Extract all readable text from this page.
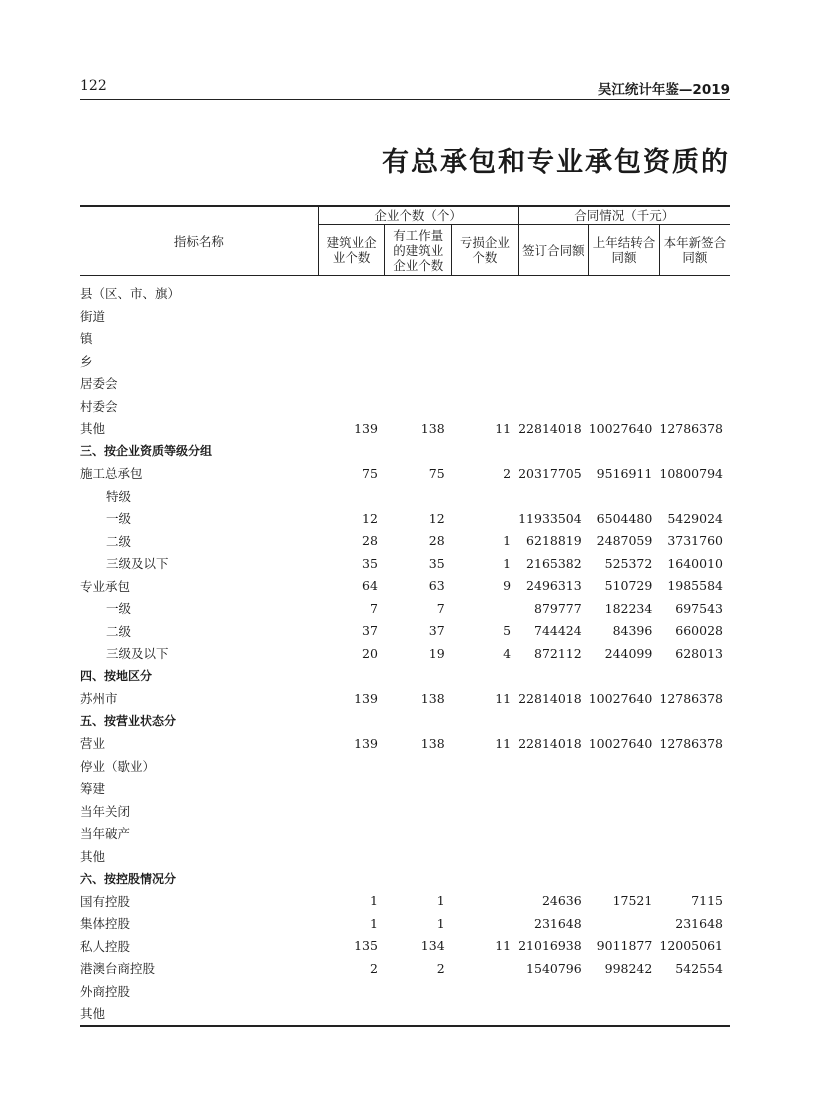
122	吴江统计年鉴—2019
有总承包和专业承包资质的
指标名称	企业个数（个）			合同情况（千元）		
	建筑业企业个数	有工作量的建筑业企业个数	亏损企业个数	签订合同额	上年结转合同额	本年新签合同额
县（区、市、旗）						
街道						
镇						
乡						
居委会						
村委会						
其他	139	138	11	22814018	10027640	12786378
三、按企业资质等级分组						
施工总承包	75	75	2	20317705	9516911	10800794
特级						
一级	12	12		11933504	6504480	5429024
二级	28	28	1	6218819	2487059	3731760
三级及以下	35	35	1	2165382	525372	1640010
专业承包	64	63	9	2496313	510729	1985584
一级	7	7		879777	182234	697543
二级	37	37	5	744424	84396	660028
三级及以下	20	19	4	872112	244099	628013
四、按地区分						
苏州市	139	138	11	22814018	10027640	12786378
五、按营业状态分						
营业	139	138	11	22814018	10027640	12786378
停业（歇业）						
筹建						
当年关闭						
当年破产						
其他						
六、按控股情况分						
国有控股	1	1		24636	17521	7115
集体控股	1	1		231648		231648
私人控股	135	134	11	21016938	9011877	12005061
港澳台商控股	2	2		1540796	998242	542554
外商控股						
其他						
